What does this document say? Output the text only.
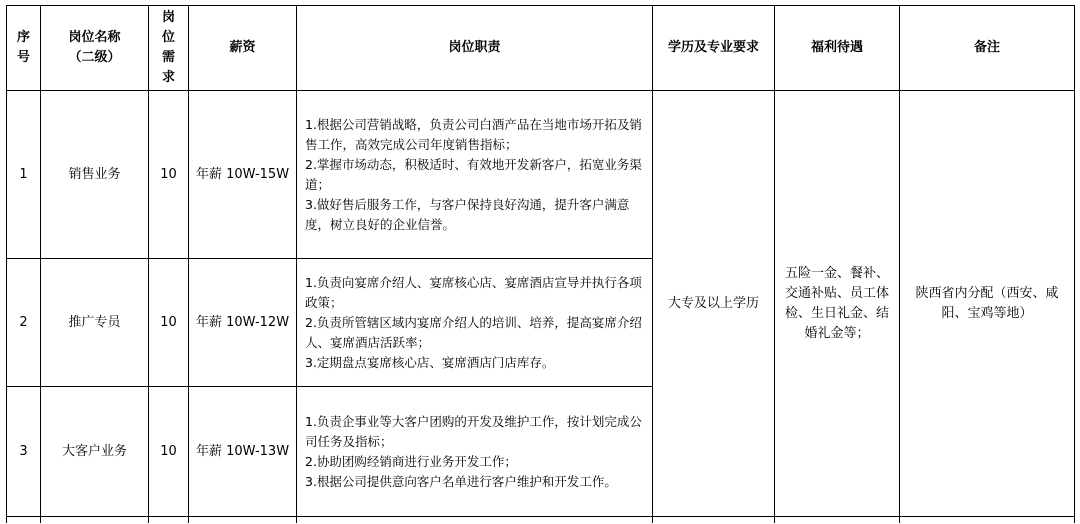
序号	岗位名称（二级）	岗位需求	薪资	岗位职责	学历及专业要求	福利待遇	备注
1	销售业务	10	年薪 10W-15W	1.根据公司营销战略，负责公司白酒产品在当地市场开拓及销售工作，高效完成公司年度销售指标；
2.掌握市场动态，积极适时、有效地开发新客户，拓宽业务渠道；
3.做好售后服务工作，与客户保持良好沟通，提升客户满意度，树立良好的企业信誉。	大专及以上学历	五险一金、餐补、交通补贴、员工体检、生日礼金、结婚礼金等；	陕西省内分配（西安、咸阳、宝鸡等地）
2	推广专员	10	年薪 10W-12W	1.负责向宴席介绍人、宴席核心店、宴席酒店宣导并执行各项政策；
2.负责所管辖区域内宴席介绍人的培训、培养，提高宴席介绍人、宴席酒店活跃率；
3.定期盘点宴席核心店、宴席酒店门店库存。			

3	大客户业务	10	年薪 10W-13W	1.负责企事业等大客户团购的开发及维护工作，按计划完成公司任务及指标；
2.协助团购经销商进行业务开发工作；
3.根据公司提供意向客户名单进行客户维护和开发工作。			
